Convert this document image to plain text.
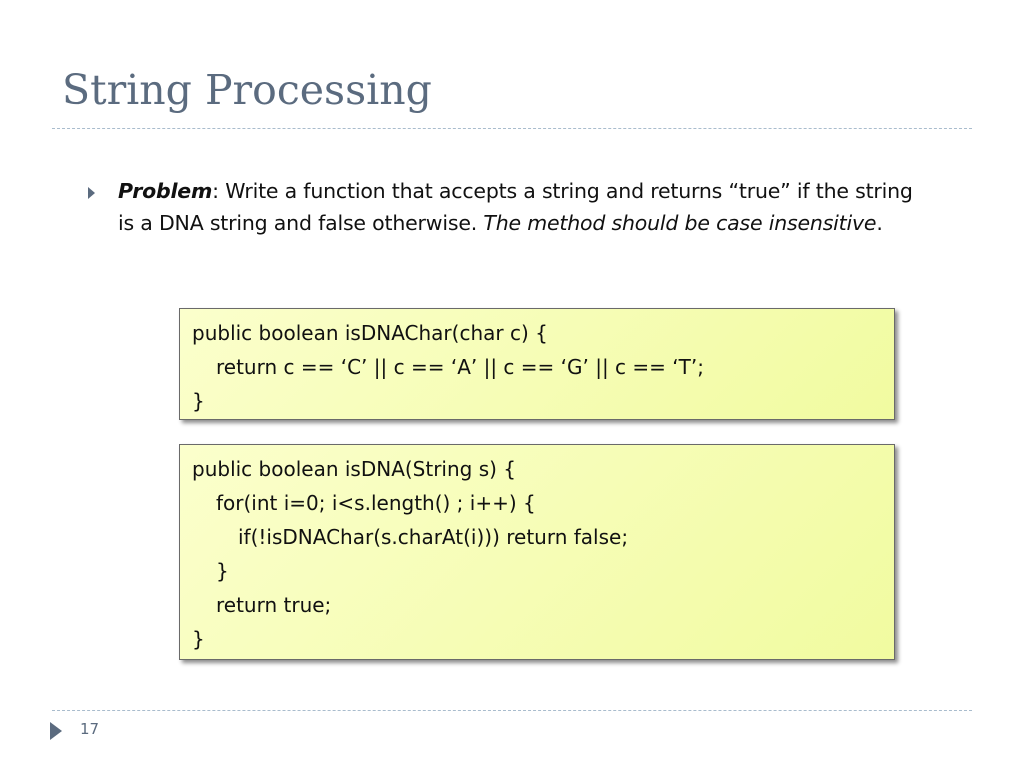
String Processing
Problem: Write a function that accepts a string and returns “true” if the string is a DNA string and false otherwise. The method should be case insensitive.
public boolean isDNAChar(char c) {
return c == ‘C’ || c == ‘A’ || c == ‘G’ || c == ‘T’;
}
public boolean isDNA(String s) {
for(int i=0; i<s.length() ; i++) {
if(!isDNAChar(s.charAt(i))) return false;
}
return true;
}
17
